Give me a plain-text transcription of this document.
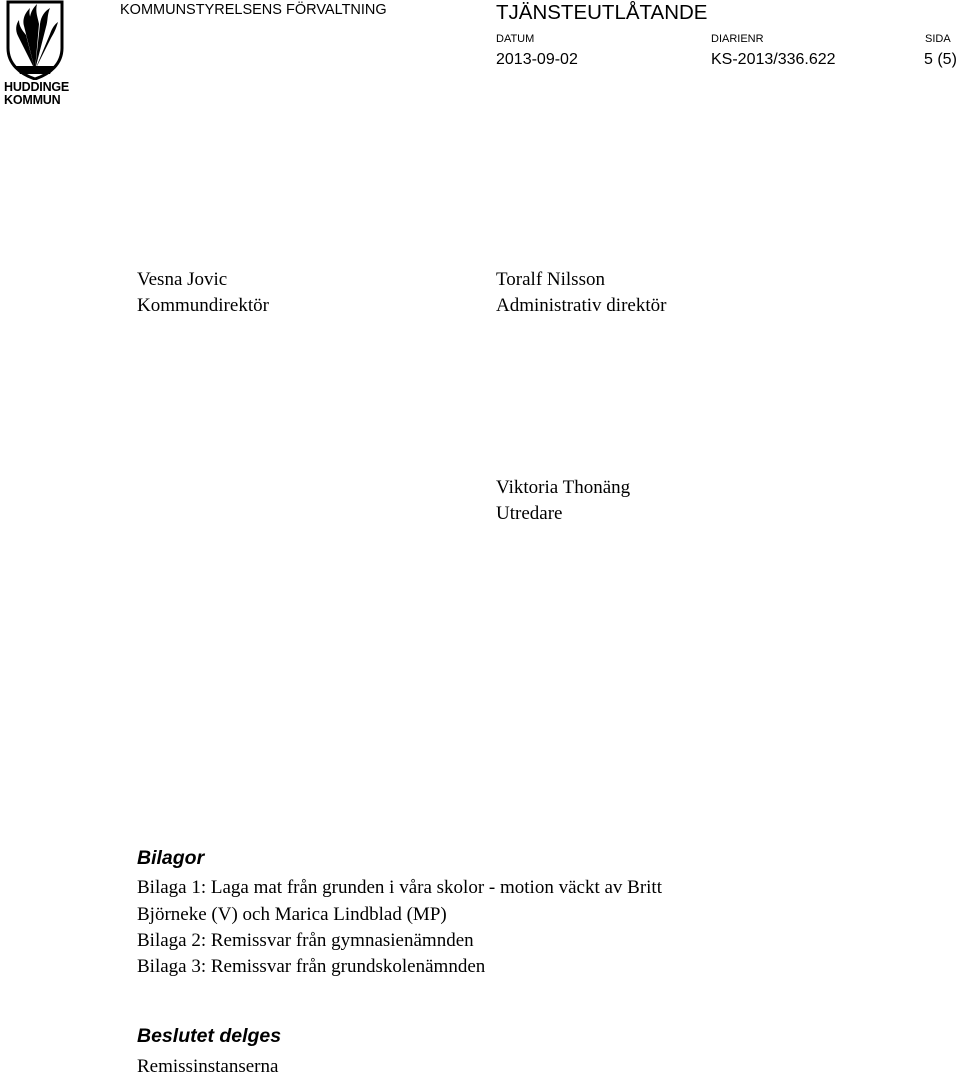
HUDDINGE
KOMMUN
KOMMUNSTYRELSENS FÖRVALTNING	TJÄNSTEUTLÅTANDE
DATUM
2013-09-02
DIARIENR
KS-2013/336.622
SIDA
5 (5)
Vesna Jovic
Kommundirektör
Toralf Nilsson
Administrativ direktör
Viktoria Thonäng
Utredare
Bilagor
Bilaga 1: Laga mat från grunden i våra skolor - motion väckt av Britt
Björneke (V) och Marica Lindblad (MP)
Bilaga 2: Remissvar från gymnasienämnden
Bilaga 3: Remissvar från grundskolenämnden
Beslutet delges
Remissinstanserna
